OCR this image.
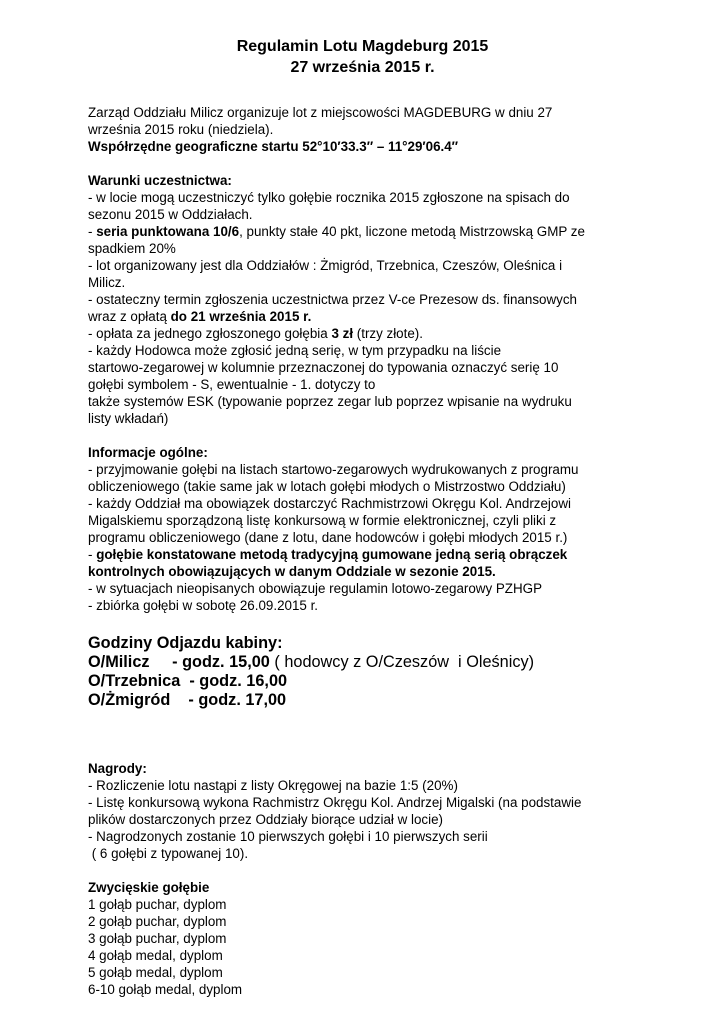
Regulamin Lotu Magdeburg 2015
27 września 2015 r.

Zarząd Oddziału Milicz organizuje lot z miejscowości MAGDEBURG w dniu 27

września 2015 roku (niedziela).

Współrzędne geograficzne startu 52°10′33.3″ – 11°29′06.4″

Warunki uczestnictwa:

- w locie mogą uczestniczyć tylko gołębie rocznika 2015 zgłoszone na spisach do

sezonu 2015 w Oddziałach.

- seria punktowana 10/6, punkty stałe 40 pkt, liczone metodą Mistrzowską GMP ze

spadkiem 20%

- lot organizowany jest dla Oddziałów : Żmigród, Trzebnica, Czeszów, Oleśnica i

Milicz.

- ostateczny termin zgłoszenia uczestnictwa przez V-ce Prezesow ds. finansowych

wraz z opłatą do 21 września 2015 r.

- opłata za jednego zgłoszonego gołębia 3 zł (trzy złote).

- każdy Hodowca może zgłosić jedną serię, w tym przypadku na liście

startowo-zegarowej w kolumnie przeznaczonej do typowania oznaczyć serię 10

gołębi symbolem - S, ewentualnie - 1. dotyczy to

także systemów ESK (typowanie poprzez zegar lub poprzez wpisanie na wydruku

listy wkładań)

Informacje ogólne:

- przyjmowanie gołębi na listach startowo-zegarowych wydrukowanych z programu

obliczeniowego (takie same jak w lotach gołębi młodych o Mistrzostwo Oddziału)

- każdy Oddział ma obowiązek dostarczyć Rachmistrzowi Okręgu Kol. Andrzejowi

Migalskiemu sporządzoną listę konkursową w formie elektronicznej, czyli pliki z

programu obliczeniowego (dane z lotu, dane hodowców i gołębi młodych 2015 r.)

- gołębie konstatowane metodą tradycyjną gumowane jedną serią obrączek

kontrolnych obowiązujących w danym Oddziale w sezonie 2015.

- w sytuacjach nieopisanych obowiązuje regulamin lotowo-zegarowy PZHGP

- zbiórka gołębi w sobotę 26.09.2015 r.

Godziny Odjazdu kabiny:

O/Milicz     - godz. 15,00 ( hodowcy z O/Czeszów  i Oleśnicy)

O/Trzebnica  - godz. 16,00

O/Żmigród    - godz. 17,00

Nagrody:

- Rozliczenie lotu nastąpi z listy Okręgowej na bazie 1:5 (20%)

- Listę konkursową wykona Rachmistrz Okręgu Kol. Andrzej Migalski (na podstawie

plików dostarczonych przez Oddziały biorące udział w locie)

- Nagrodzonych zostanie 10 pierwszych gołębi i 10 pierwszych serii

( 6 gołębi z typowanej 10).

Zwycięskie gołębie

1 gołąb puchar, dyplom

2 gołąb puchar, dyplom

3 gołąb puchar, dyplom

4 gołąb medal, dyplom

5 gołąb medal, dyplom

6-10 gołąb medal, dyplom
